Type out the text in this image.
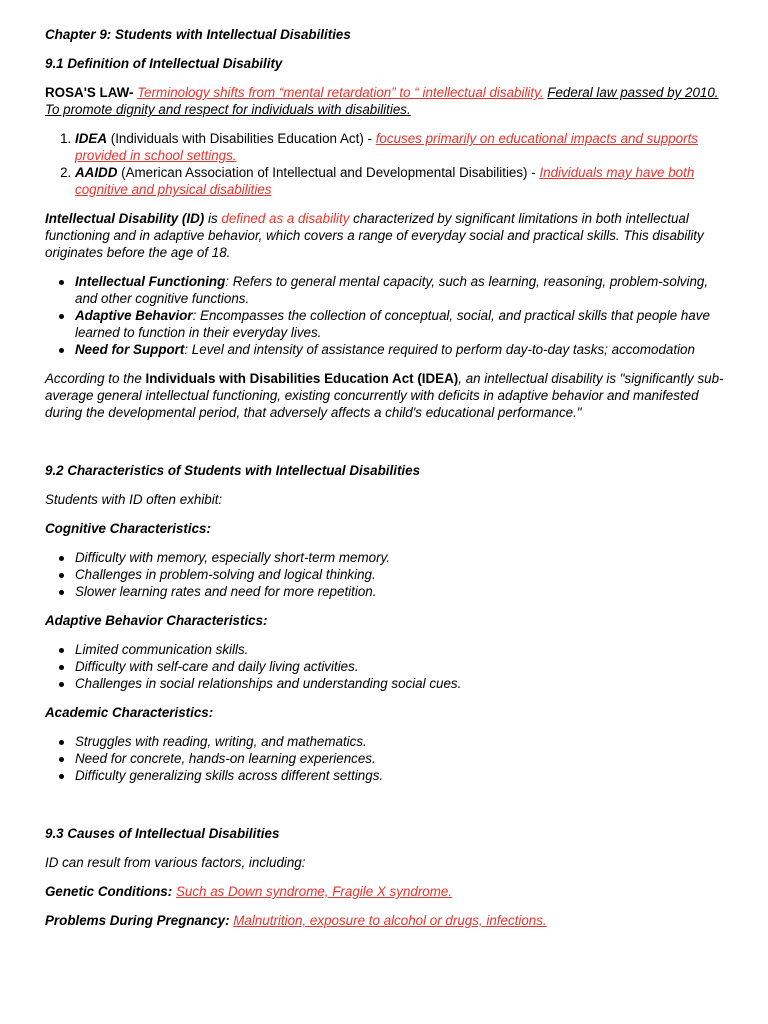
Chapter 9: Students with Intellectual Disabilities

9.1 Definition of Intellectual Disability

ROSA'S LAW- Terminology shifts from “mental retardation” to “ intellectual disability. Federal law passed by 2010. To promote dignity and respect for individuals with disabilities.

1. IDEA (Individuals with Disabilities Education Act) - focuses primarily on educational impacts and supports provided in school settings.
2. AAIDD (American Association of Intellectual and Developmental Disabilities) - Individuals may have both cognitive and physical disabilities

Intellectual Disability (ID) is defined as a disability characterized by significant limitations in both intellectual functioning and in adaptive behavior, which covers a range of everyday social and practical skills. This disability originates before the age of 18.

Intellectual Functioning: Refers to general mental capacity, such as learning, reasoning, problem-solving, and other cognitive functions.
Adaptive Behavior: Encompasses the collection of conceptual, social, and practical skills that people have learned to function in their everyday lives.
Need for Support: Level and intensity of assistance required to perform day-to-day tasks; accomodation

According to the Individuals with Disabilities Education Act (IDEA), an intellectual disability is "significantly sub-average general intellectual functioning, existing concurrently with deficits in adaptive behavior and manifested during the developmental period, that adversely affects a child's educational performance."

9.2 Characteristics of Students with Intellectual Disabilities

Students with ID often exhibit:

Cognitive Characteristics:

Difficulty with memory, especially short-term memory.
Challenges in problem-solving and logical thinking.
Slower learning rates and need for more repetition.

Adaptive Behavior Characteristics:

Limited communication skills.
Difficulty with self-care and daily living activities.
Challenges in social relationships and understanding social cues.

Academic Characteristics:

Struggles with reading, writing, and mathematics.
Need for concrete, hands-on learning experiences.
Difficulty generalizing skills across different settings.

9.3 Causes of Intellectual Disabilities

ID can result from various factors, including:

Genetic Conditions: Such as Down syndrome, Fragile X syndrome.

Problems During Pregnancy: Malnutrition, exposure to alcohol or drugs, infections.
